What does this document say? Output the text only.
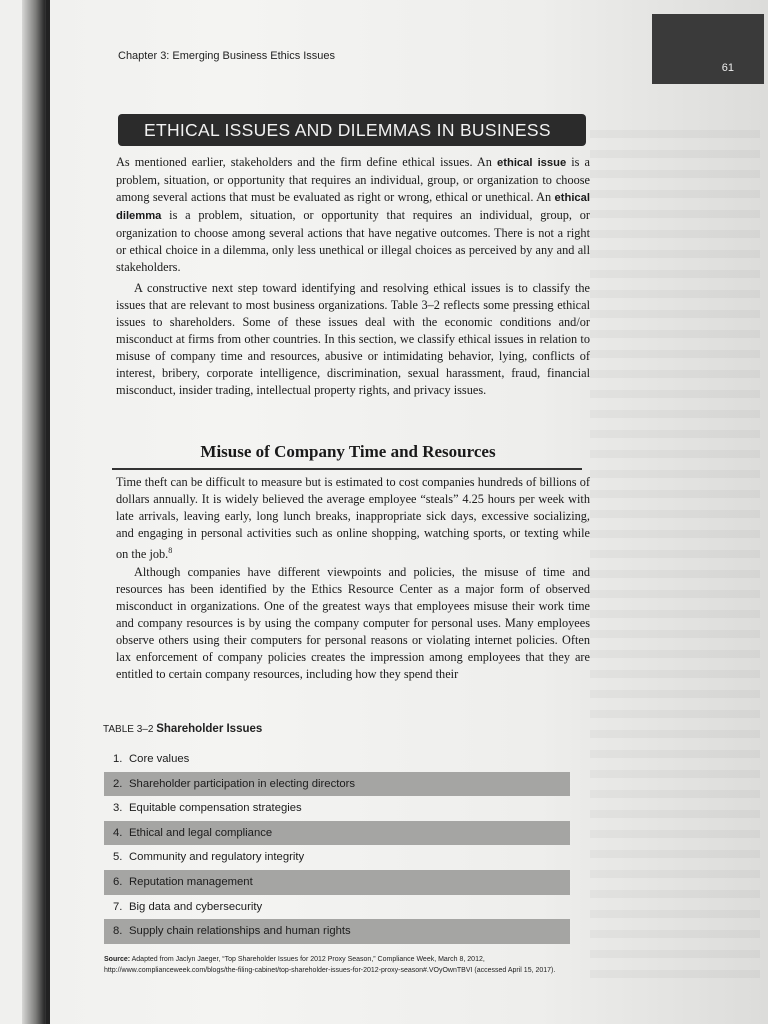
Chapter 3: Emerging Business Ethics Issues
61
ETHICAL ISSUES AND DILEMMAS IN BUSINESS

As mentioned earlier, stakeholders and the firm define ethical issues. An ethical issue is a problem, situation, or opportunity that requires an individual, group, or organization to choose among several actions that must be evaluated as right or wrong, ethical or unethical. An ethical dilemma is a problem, situation, or opportunity that requires an individual, group, or organization to choose among several actions that have negative outcomes. There is not a right or ethical choice in a dilemma, only less unethical or illegal choices as perceived by any and all stakeholders.

A constructive next step toward identifying and resolving ethical issues is to classify the issues that are relevant to most business organizations. Table 3–2 reflects some pressing ethical issues to shareholders. Some of these issues deal with the economic conditions and/or misconduct at firms from other countries. In this section, we classify ethical issues in relation to misuse of company time and resources, abusive or intimidating behavior, lying, conflicts of interest, bribery, corporate intelligence, discrimination, sexual harassment, fraud, financial misconduct, insider trading, intellectual property rights, and privacy issues.

Misuse of Company Time and Resources

Time theft can be difficult to measure but is estimated to cost companies hundreds of billions of dollars annually. It is widely believed the average employee “steals” 4.25 hours per week with late arrivals, leaving early, long lunch breaks, inappropriate sick days, excessive socializing, and engaging in personal activities such as online shopping, watching sports, or texting while on the job.$^8$

Although companies have different viewpoints and policies, the misuse of time and resources has been identified by the Ethics Resource Center as a major form of observed misconduct in organizations. One of the greatest ways that employees misuse their work time and company resources is by using the company computer for personal uses. Many employees observe others using their computers for personal reasons or violating internet policies. Often lax enforcement of company policies creates the impression among employees that they are entitled to certain company resources, including how they spend their

TABLE 3–2 Shareholder Issues
1. Core values
2. Shareholder participation in electing directors
3. Equitable compensation strategies
4. Ethical and legal compliance
5. Community and regulatory integrity
6. Reputation management
7. Big data and cybersecurity
8. Supply chain relationships and human rights
Source: Adapted from Jaclyn Jaeger, “Top Shareholder Issues for 2012 Proxy Season,” Compliance Week, March 8, 2012, http://www.complianceweek.com/blogs/the-filing-cabinet/top-shareholder-issues-for-2012-proxy-season#.VOyOwnTBVI (accessed April 15, 2017).
